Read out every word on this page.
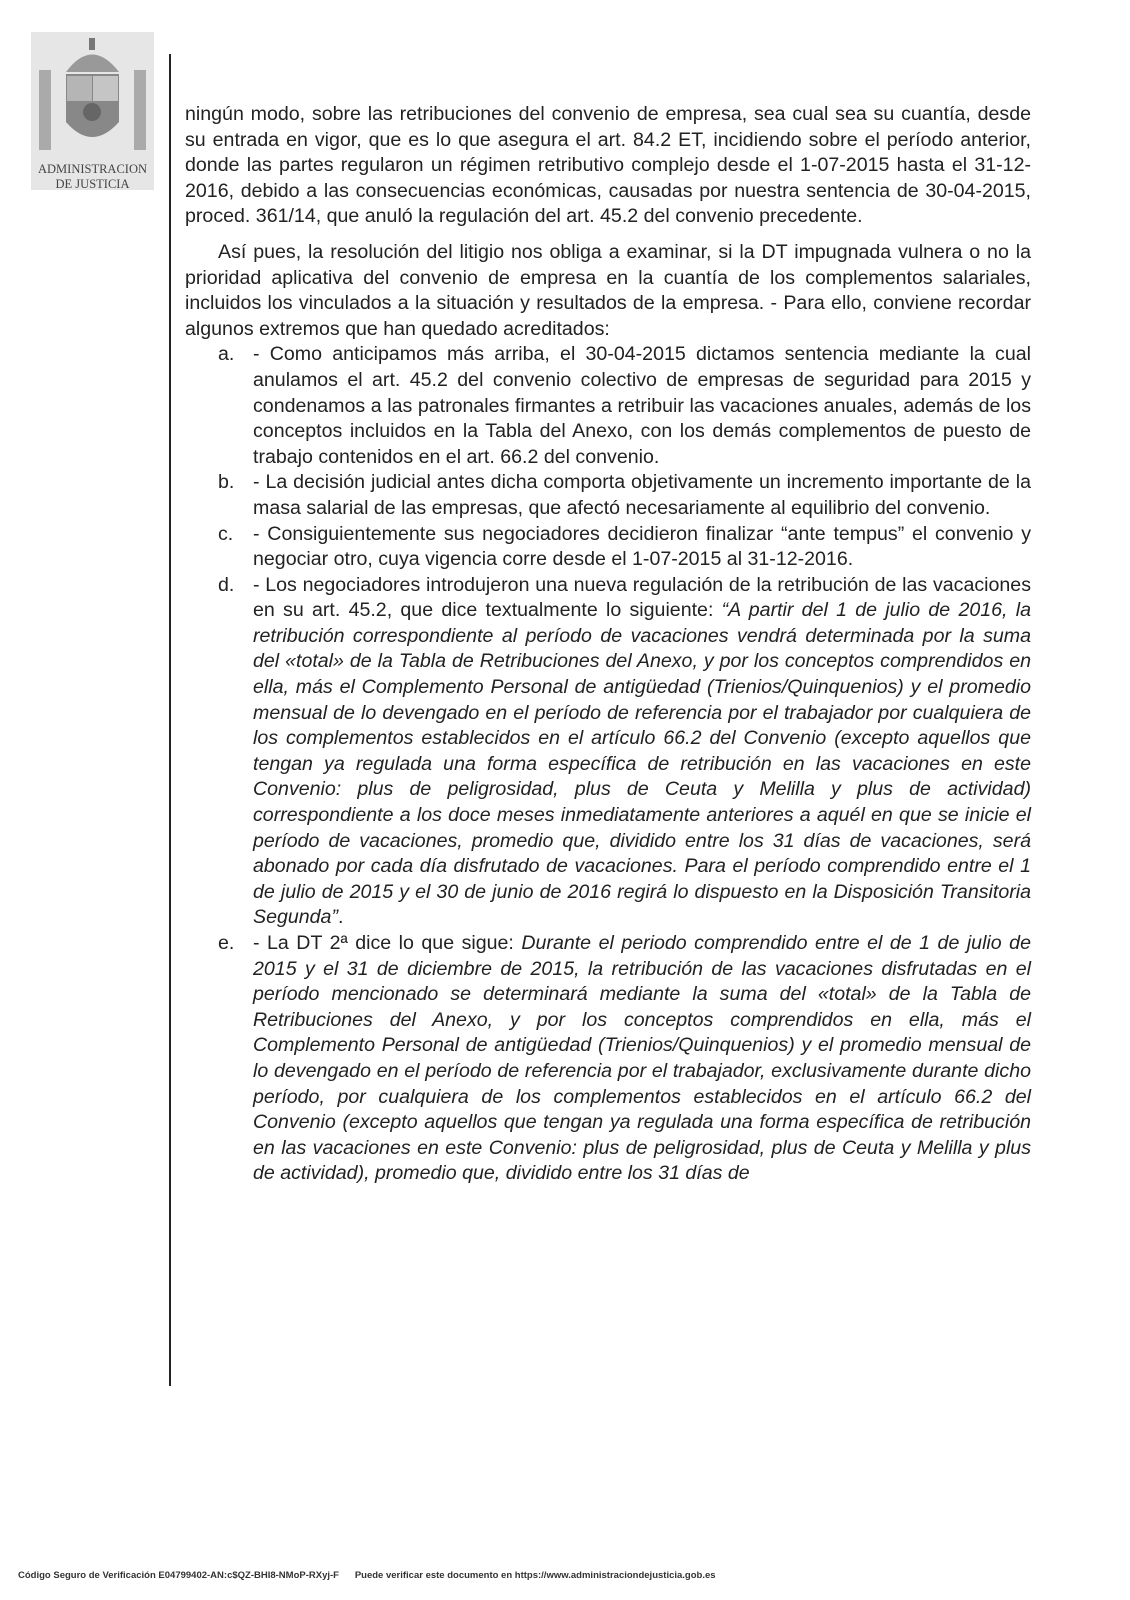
ADMINISTRACION
DE JUSTICIA

ningún modo, sobre las retribuciones del convenio de empresa, sea cual sea su cuantía, desde su entrada en vigor, que es lo que asegura el art. 84.2 ET, incidiendo sobre el período anterior, donde las partes regularon un régimen retributivo complejo desde el 1-07-2015 hasta el 31-12-2016, debido a las consecuencias económicas, causadas por nuestra sentencia de 30-04-2015, proced. 361/14, que anuló la regulación del art. 45.2 del convenio precedente.

Así pues, la resolución del litigio nos obliga a examinar, si la DT impugnada vulnera o no la prioridad aplicativa del convenio de empresa en la cuantía de los complementos salariales, incluidos los vinculados a la situación y resultados de la empresa. - Para ello, conviene recordar algunos extremos que han quedado acreditados:

a. - Como anticipamos más arriba, el 30-04-2015 dictamos sentencia mediante la cual anulamos el art. 45.2 del convenio colectivo de empresas de seguridad para 2015 y condenamos a las patronales firmantes a retribuir las vacaciones anuales, además de los conceptos incluidos en la Tabla del Anexo, con los demás complementos de puesto de trabajo contenidos en el art. 66.2 del convenio.
b. - La decisión judicial antes dicha comporta objetivamente un incremento importante de la masa salarial de las empresas, que afectó necesariamente al equilibrio del convenio.
c. - Consiguientemente sus negociadores decidieron finalizar “ante tempus” el convenio y negociar otro, cuya vigencia corre desde el 1-07-2015 al 31-12-2016.
d. - Los negociadores introdujeron una nueva regulación de la retribución de las vacaciones en su art. 45.2, que dice textualmente lo siguiente: “A partir del 1 de julio de 2016, la retribución correspondiente al período de vacaciones vendrá determinada por la suma del «total» de la Tabla de Retribuciones del Anexo, y por los conceptos comprendidos en ella, más el Complemento Personal de antigüedad (Trienios/Quinquenios) y el promedio mensual de lo devengado en el período de referencia por el trabajador por cualquiera de los complementos establecidos en el artículo 66.2 del Convenio (excepto aquellos que tengan ya regulada una forma específica de retribución en las vacaciones en este Convenio: plus de peligrosidad, plus de Ceuta y Melilla y plus de actividad) correspondiente a los doce meses inmediatamente anteriores a aquél en que se inicie el período de vacaciones, promedio que, dividido entre los 31 días de vacaciones, será abonado por cada día disfrutado de vacaciones. Para el período comprendido entre el 1 de julio de 2015 y el 30 de junio de 2016 regirá lo dispuesto en la Disposición Transitoria Segunda”.
e. - La DT 2ª dice lo que sigue: Durante el periodo comprendido entre el de 1 de julio de 2015 y el 31 de diciembre de 2015, la retribución de las vacaciones disfrutadas en el período mencionado se determinará mediante la suma del «total» de la Tabla de Retribuciones del Anexo, y por los conceptos comprendidos en ella, más el Complemento Personal de antigüedad (Trienios/Quinquenios) y el promedio mensual de lo devengado en el período de referencia por el trabajador, exclusivamente durante dicho período, por cualquiera de los complementos establecidos en el artículo 66.2 del Convenio (excepto aquellos que tengan ya regulada una forma específica de retribución en las vacaciones en este Convenio: plus de peligrosidad, plus de Ceuta y Melilla y plus de actividad), promedio que, dividido entre los 31 días de
Código Seguro de Verificación E04799402-AN:c$QZ-BHI8-NMoP-RXyj-F Puede verificar este documento en https://www.administraciondejusticia.gob.es
